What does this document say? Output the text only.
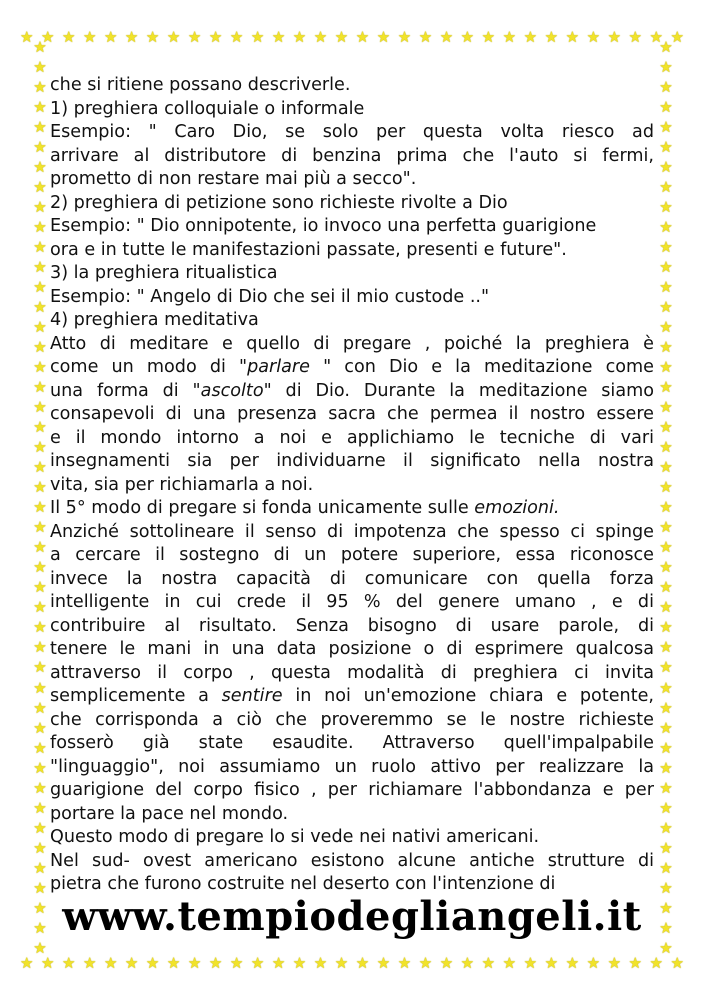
★ ★ ★ ★ ★ ★ ★ ★ ★ ★ ★ ★ ★ ★ ★ ★ ★ ★ ★ ★ ★ ★ ★ ★ ★ ★ ★ ★ ★ ★ ★ ★
★ ★ ★ ★ ★ ★ ★ ★ ★ ★ ★ ★ ★ ★ ★ ★ ★ ★ ★ ★ ★ ★ ★ ★ ★ ★ ★ ★ ★ ★ ★ ★
★
★
★
★
★
★
★
★
★
★
★
★
★
★
★
★
★
★
★
★
★
★
★
★
★
★
★
★
★
★
★
★
★
★
★
★
★
★
★
★
★
★
★
★
★
★
★
★
★
★
★
★
★
★
★
★
★
★
★
★
★
★
★
★
★
★
★
★
★
★
★
★
★
★
★
★
★
★
★
★
★
★
★
★
★
★
★
★
★
★
★
★
che si ritiene possano descriverle.
1) preghiera colloquiale o informale
Esempio: " Caro Dio, se solo per questa volta riesco ad
arrivare al distributore di benzina prima che l'auto si fermi,
prometto di non restare mai più a secco".
2) preghiera di petizione sono richieste rivolte a Dio
Esempio: " Dio onnipotente, io invoco una perfetta guarigione
ora e in tutte le manifestazioni passate, presenti e future".
3) la preghiera ritualistica
Esempio: " Angelo di Dio che sei il mio custode .."
4) preghiera meditativa
Atto di meditare e quello di pregare , poiché la preghiera è
come un modo di "parlare " con Dio e la meditazione come
una forma di "ascolto" di Dio. Durante la meditazione siamo
consapevoli di una presenza sacra che permea il nostro essere
e il mondo intorno a noi e applichiamo le tecniche di vari
insegnamenti sia per individuarne il significato nella nostra
vita, sia per richiamarla a noi.
Il 5° modo di pregare si fonda unicamente sulle emozioni.
Anziché sottolineare il senso di impotenza che spesso ci spinge
a cercare il sostegno di un potere superiore, essa riconosce
invece la nostra capacità di comunicare con quella forza
intelligente in cui crede il 95 % del genere umano , e di
contribuire al risultato. Senza bisogno di usare parole, di
tenere le mani in una data posizione o di esprimere qualcosa
attraverso il corpo , questa modalità di preghiera ci invita
semplicemente a sentire in noi un'emozione chiara e potente,
che corrisponda a ciò che proveremmo se le nostre richieste
fosserò già state esaudite. Attraverso quell'impalpabile
"linguaggio", noi assumiamo un ruolo attivo per realizzare la
guarigione del corpo fisico , per richiamare l'abbondanza e per
portare la pace nel mondo.
Questo modo di pregare lo si vede nei nativi americani.
Nel sud- ovest americano esistono alcune antiche strutture di
pietra che furono costruite nel deserto con l'intenzione di
www.tempiodegliangeli.it
